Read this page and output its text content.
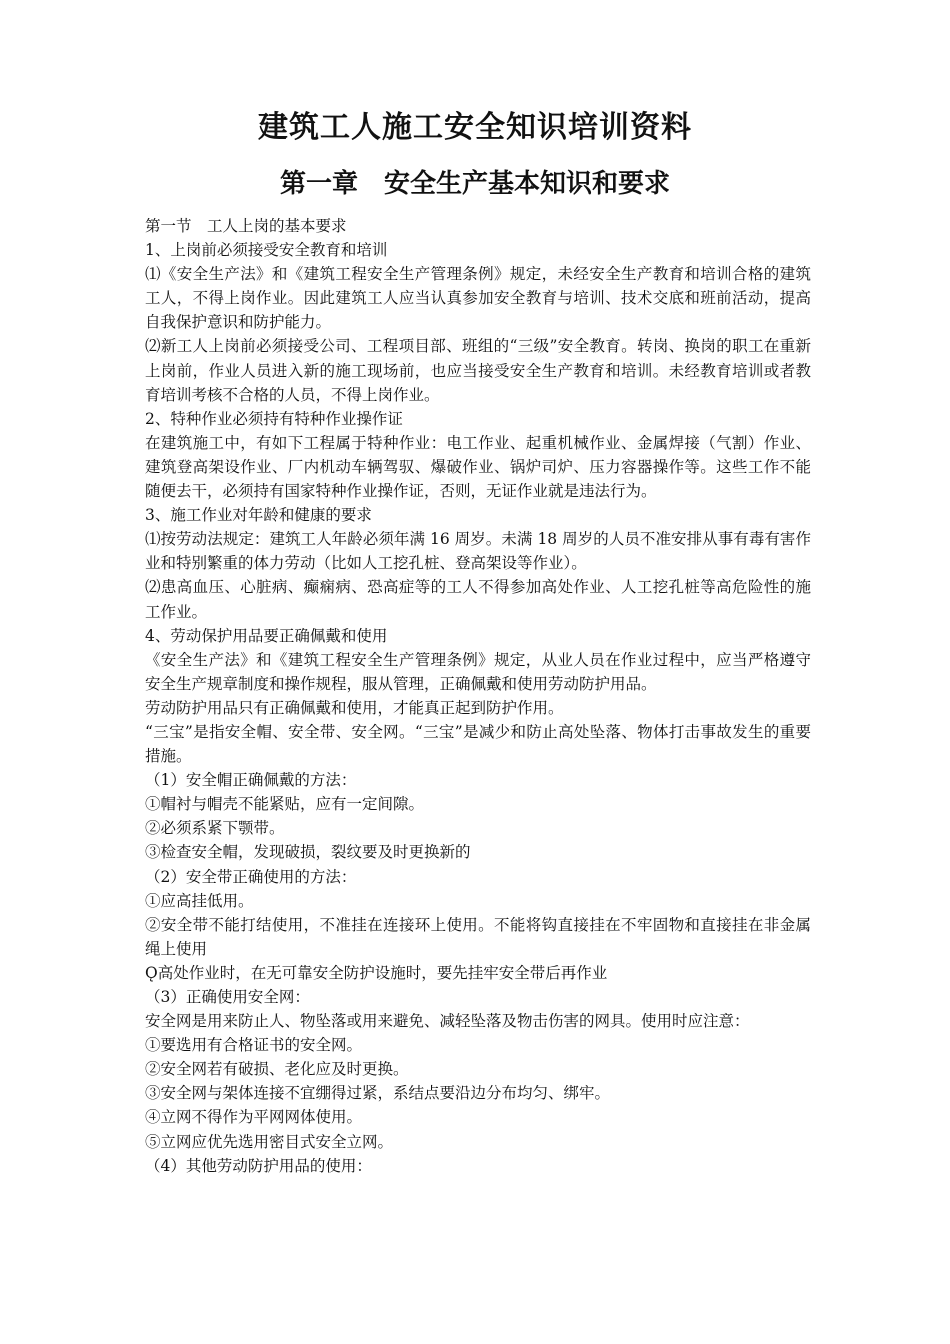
建筑工人施工安全知识培训资料
第一章　安全生产基本知识和要求

第一节　工人上岗的基本要求

1、上岗前必须接受安全教育和培训

⑴《安全生产法》和《建筑工程安全生产管理条例》规定，未经安全生产教育和培训合格的建筑工人，不得上岗作业。因此建筑工人应当认真参加安全教育与培训、技术交底和班前活动，提高自我保护意识和防护能力。

⑵新工人上岗前必须接受公司、工程项目部、班组的“三级”安全教育。转岗、换岗的职工在重新上岗前，作业人员进入新的施工现场前，也应当接受安全生产教育和培训。未经教育培训或者教育培训考核不合格的人员，不得上岗作业。

2、特种作业必须持有特种作业操作证

在建筑施工中，有如下工程属于特种作业：电工作业、起重机械作业、金属焊接（气割）作业、建筑登高架设作业、厂内机动车辆驾驭、爆破作业、锅炉司炉、压力容器操作等。这些工作不能随便去干，必须持有国家特种作业操作证，否则，无证作业就是违法行为。

3、施工作业对年龄和健康的要求

⑴按劳动法规定：建筑工人年龄必须年满 16 周岁。未满 18 周岁的人员不准安排从事有毒有害作业和特别繁重的体力劳动（比如人工挖孔桩、登高架设等作业）。

⑵患高血压、心脏病、癫痫病、恐高症等的工人不得参加高处作业、人工挖孔桩等高危险性的施工作业。

4、劳动保护用品要正确佩戴和使用

《安全生产法》和《建筑工程安全生产管理条例》规定，从业人员在作业过程中，应当严格遵守安全生产规章制度和操作规程，服从管理，正确佩戴和使用劳动防护用品。

劳动防护用品只有正确佩戴和使用，才能真正起到防护作用。

“三宝”是指安全帽、安全带、安全网。“三宝”是减少和防止高处坠落、物体打击事故发生的重要措施。

（1）安全帽正确佩戴的方法：

①帽衬与帽壳不能紧贴，应有一定间隙。

②必须系紧下颚带。

③检查安全帽，发现破损，裂纹要及时更换新的

（2）安全带正确使用的方法：

①应高挂低用。

②安全带不能打结使用，不准挂在连接环上使用。不能将钩直接挂在不牢固物和直接挂在非金属绳上使用

Ǫ高处作业时，在无可靠安全防护设施时，要先挂牢安全带后再作业

（3）正确使用安全网：

安全网是用来防止人、物坠落或用来避免、减轻坠落及物击伤害的网具。使用时应注意：

①要选用有合格证书的安全网。

②安全网若有破损、老化应及时更换。

③安全网与架体连接不宜绷得过紧，系结点要沿边分布均匀、绑牢。

④立网不得作为平网网体使用。

⑤立网应优先选用密目式安全立网。

（4）其他劳动防护用品的使用：
